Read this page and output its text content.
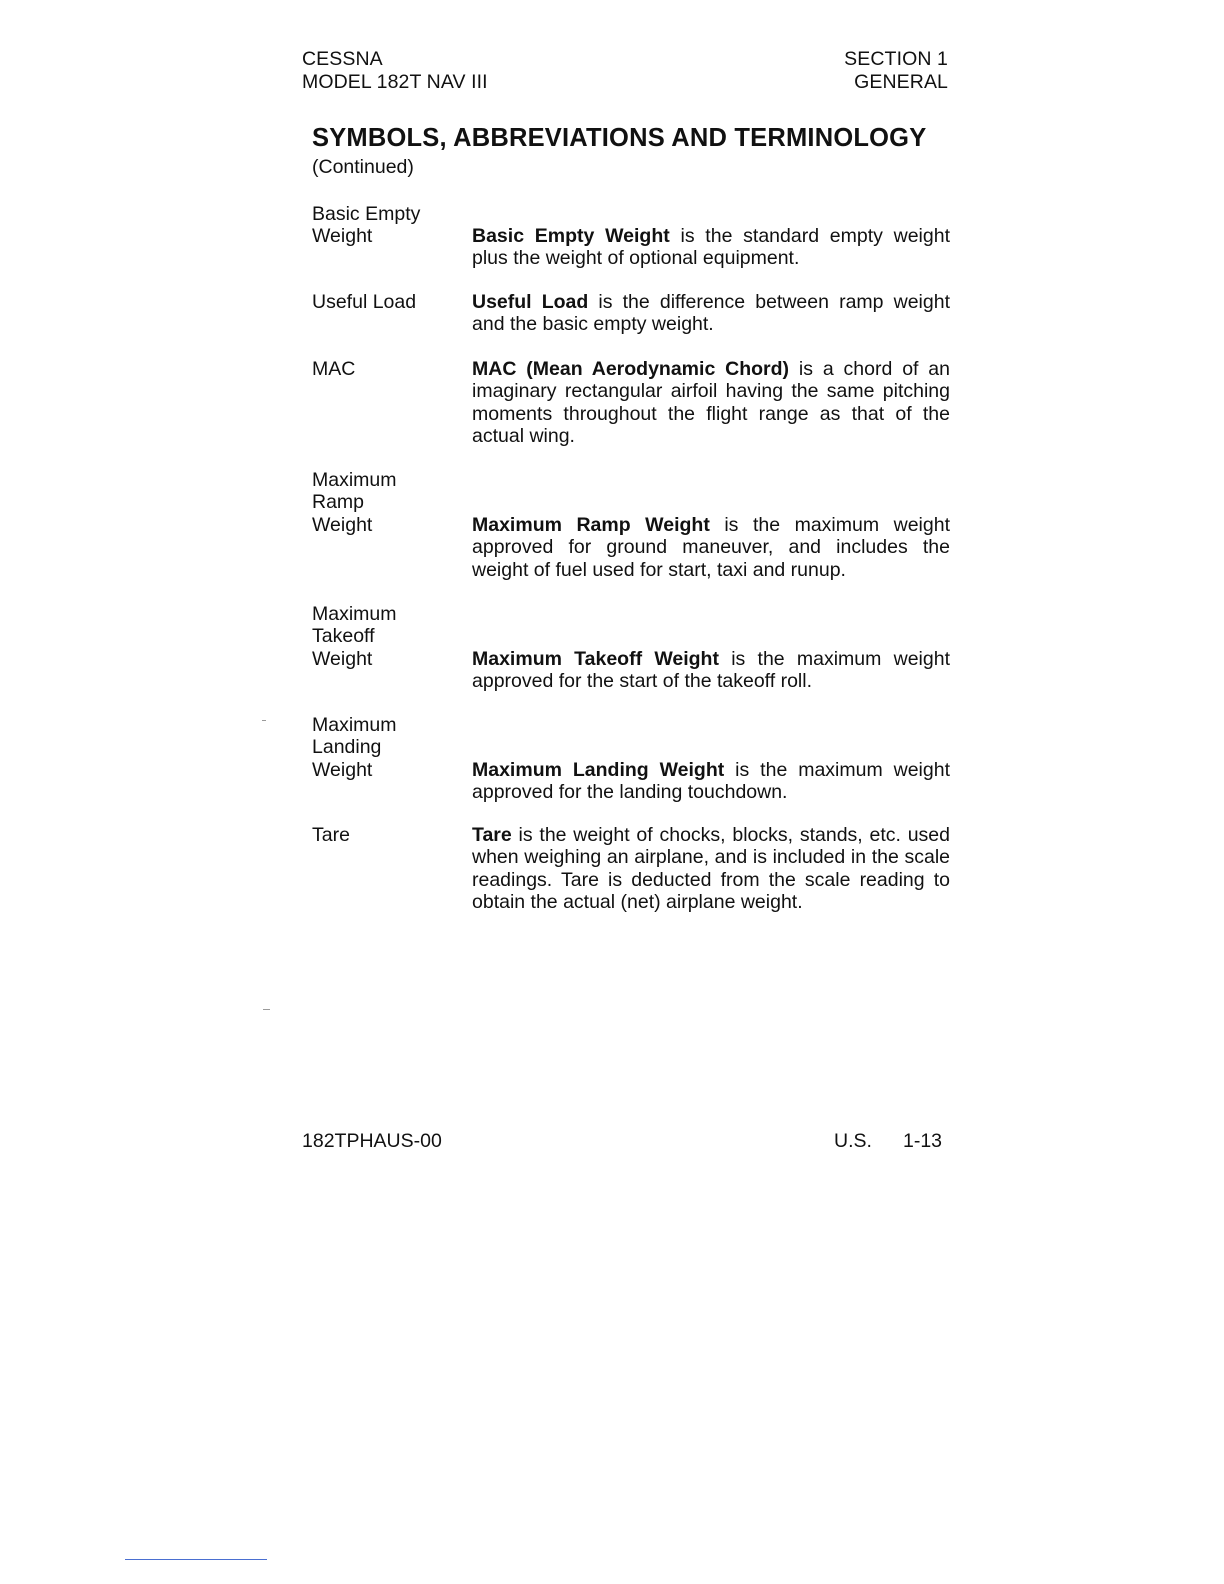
CESSNA
MODEL 182T NAV III
SECTION 1
GENERAL
SYMBOLS, ABBREVIATIONS AND TERMINOLOGY
(Continued)
Basic Empty
Weight	Basic Empty Weight is the standard empty weight plus the weight of optional equipment.
Useful Load	Useful Load is the difference between ramp weight and the basic empty weight.
MAC	MAC (Mean Aerodynamic Chord) is a chord of an imaginary rectangular airfoil having the same pitching moments throughout the flight range as that of the actual wing.
Maximum
Ramp
Weight	Maximum Ramp Weight is the maximum weight approved for ground maneuver, and includes the weight of fuel used for start, taxi and runup.
Maximum
Takeoff
Weight	Maximum Takeoff Weight is the maximum weight approved for the start of the takeoff roll.
Maximum
Landing
Weight	Maximum Landing Weight is the maximum weight approved for the landing touchdown.
Tare	Tare is the weight of chocks, blocks, stands, etc. used when weighing an airplane, and is included in the scale readings. Tare is deducted from the scale reading to obtain the actual (net) airplane weight.
182TPHAUS-00	U.S. 1-13
